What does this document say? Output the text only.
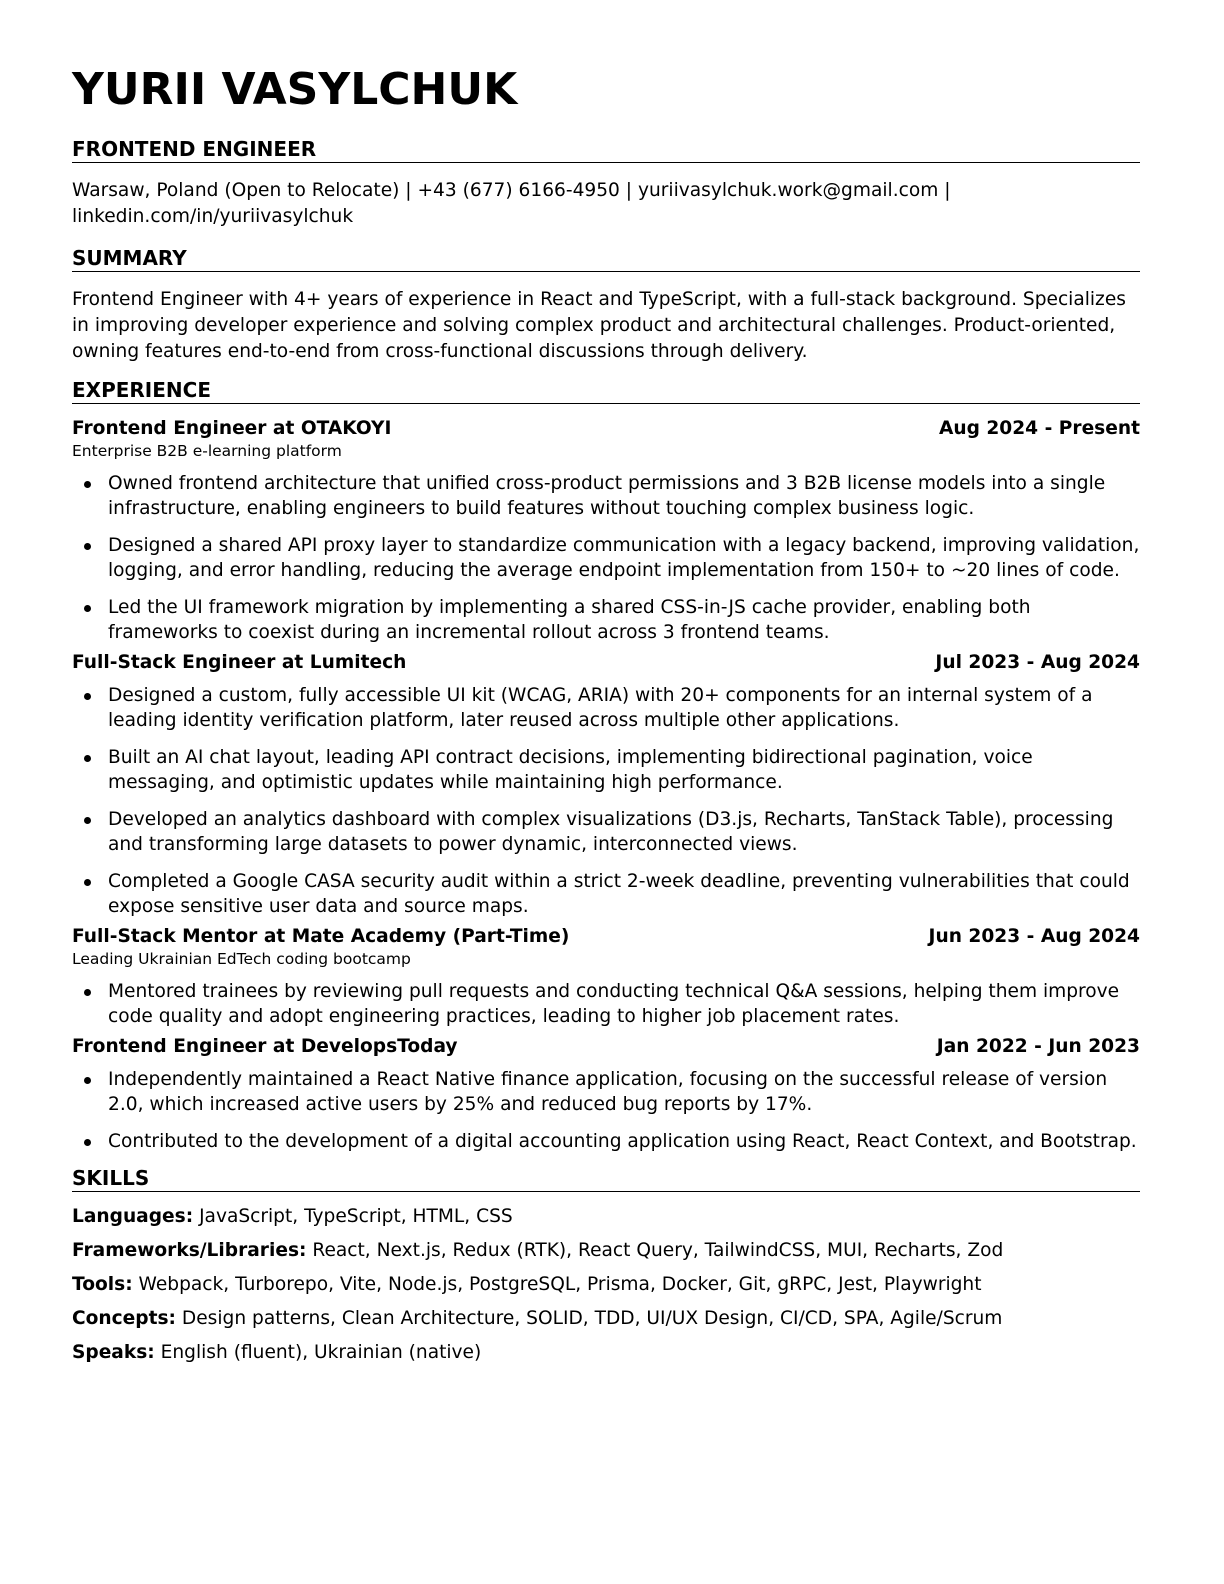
YURII VASYLCHUK
FRONTEND ENGINEER

Warsaw, Poland (Open to Relocate) | +43 (677) 6166-4950 | yuriivasylchuk.work@gmail.com | linkedin.com/in/yuriivasylchuk

SUMMARY

Frontend Engineer with 4+ years of experience in React and TypeScript, with a full-stack background. Specializes in improving developer experience and solving complex product and architectural challenges. Product-oriented, owning features end-to-end from cross-functional discussions through delivery.

EXPERIENCE
Frontend Engineer at OTAKOYI	Aug 2024 - Present

Enterprise B2B e-learning platform

Owned frontend architecture that unified cross-product permissions and 3 B2B license models into a single infrastructure, enabling engineers to build features without touching complex business logic.
Designed a shared API proxy layer to standardize communication with a legacy backend, improving validation, logging, and error handling, reducing the average endpoint implementation from 150+ to ~20 lines of code.
Led the UI framework migration by implementing a shared CSS-in-JS cache provider, enabling both frameworks to coexist during an incremental rollout across 3 frontend teams.
Full-Stack Engineer at Lumitech	Jul 2023 - Aug 2024
Designed a custom, fully accessible UI kit (WCAG, ARIA) with 20+ components for an internal system of a leading identity verification platform, later reused across multiple other applications.
Built an AI chat layout, leading API contract decisions, implementing bidirectional pagination, voice messaging, and optimistic updates while maintaining high performance.
Developed an analytics dashboard with complex visualizations (D3.js, Recharts, TanStack Table), processing and transforming large datasets to power dynamic, interconnected views.
Completed a Google CASA security audit within a strict 2-week deadline, preventing vulnerabilities that could expose sensitive user data and source maps.
Full-Stack Mentor at Mate Academy (Part-Time)	Jun 2023 - Aug 2024

Leading Ukrainian EdTech coding bootcamp

Mentored trainees by reviewing pull requests and conducting technical Q&A sessions, helping them improve code quality and adopt engineering practices, leading to higher job placement rates.
Frontend Engineer at DevelopsToday	Jan 2022 - Jun 2023
Independently maintained a React Native finance application, focusing on the successful release of version 2.0, which increased active users by 25% and reduced bug reports by 17%.
Contributed to the development of a digital accounting application using React, React Context, and Bootstrap.
SKILLS
Languages: JavaScript, TypeScript, HTML, CSS
Frameworks/Libraries: React, Next.js, Redux (RTK), React Query, TailwindCSS, MUI, Recharts, Zod
Tools: Webpack, Turborepo, Vite, Node.js, PostgreSQL, Prisma, Docker, Git, gRPC, Jest, Playwright
Concepts: Design patterns, Clean Architecture, SOLID, TDD, UI/UX Design, CI/CD, SPA, Agile/Scrum
Speaks: English (fluent), Ukrainian (native)
